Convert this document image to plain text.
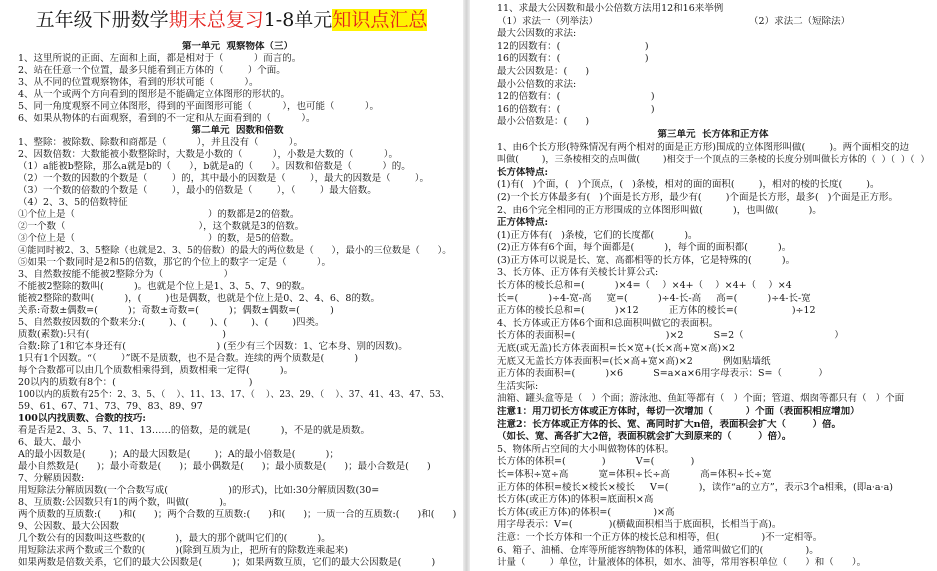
五年级下册数学期末总复习1-8单元知识点汇总
第一单元  观察物体（三）
1、这里所说的正面、左面和上面，都是相对于（          ）而言的。
2、站在任意一个位置，最多只能看到正方体的（        ）个面。
3、从不同的位置观察物体，看到的形状可能（          ）。
4、从一个或两个方向看到的图形是不能确定立体图形的形状的。
5、同一角度观察不同立体图形，得到的平面图形可能（          ），也可能（          ）。
6、如果从物体的右面观察，看到的不一定和从左面看到的（          ）。
第二单元  因数和倍数
1、整除：被除数、除数和商都是（          ），并且没有（          ）。
2、因数倍数：大数能被小数整除时，大数是小数的（          ），小数是大数的（          ）。
（1）a能被b整除，那么a就是b的（      ），b就是a的（      ）。因数和倍数是（          ）的。
（2）一个数的因数的个数是（        ）的，其中最小的因数是（        ），最大的因数是（        ）。
（3）一个数的倍数的个数是（        ），最小的倍数是（        ），（        ）最大倍数。
（4）2、3、5的倍数特征
①个位上是（                                            ）的数都是2的倍数。
②一个数（                                            ），这个数就是3的倍数。
③个位上是（                                            ）的数，是5的倍数。
④能同时被2、3、5整除（也就是2、3、5的倍数）的最大的两位数是（      ），最小的三位数是（      ）。
⑤如果一个数同时是2和5的倍数，那它的个位上的数字一定是（          ）。
3、自然数按能不能被2整除分为（                    ）
不能被2整除的数叫(          )。也就是个位上是1、3、5、7、9的数。
能被2整除的数叫(          )，(        )也是偶数，也就是个位上是0、2、4、6、8的数。
关系:奇数±偶数=(          )；奇数±奇数=(          )；偶数±偶数=(          )
5、自然数按因数的个数来分:(        )、(        )、(        )、(        )四类。
质数(素数):只有(                                            )
合数:除了1和它本身还有(                              ) (至少有三个因数：1、它本身、别的因数)。
1只有1个因数。“（        ）”既不是质数，也不是合数。连续的两个质数是(          )
每个合数都可以由几个质数相乘得到，质数相乘一定得(          )。
20以内的质数有8个：(                                            )
100以内的质数有25个：2、3、5、（    ）、11、13、17、（    ）、23、29、（    ）、37、41、43、47、53、
59、61、67、71、73、79、83、89、97
100以内找质数、合数的技巧:
看是否是2、3、5、7、11、13……的倍数，是的就是(          )，不是的就是质数。
6、最大、最小
A的最小因数是(        )；A的最大因数是(        )；A的最小倍数是(          )；
最小自然数是(      )；最小奇数是(      )；最小偶数是(      )；最小质数是(      )；最小合数是(      )
7、分解质因数:
用短除法分解质因数(一个合数写成(                    )的形式)，比如:30分解质因数(30=
8、互质数:公因数只有1的两个数，叫做(          )。
两个质数的互质数:(      )和(      )；两个合数的互质数:(      )和(      )；一质一合的互质数:(      )和(      )
9、公因数、最大公因数
几个数公有的因数叫这些数的(          )，最大的那个就叫它们的(          )。
用短除法求两个数或三个数的(          )(除到互质为止，把所有的除数连乘起来)
如果两数是倍数关系，它们的最大公因数是(          )；如果两数互质，它们的最大公因数是(          )
11、求最大公因数和最小公倍数方法用12和16来举例
（1）求法一（列举法）                                                  （2）求法二（短除法）
最大公因数的求法:
12的因数有：(                            )
16的因数有：(                            )
最大公因数是：(      )
最小公倍数的求法:
12的倍数有：(                              )
16的倍数有：(                              )
最小公倍数是：(      )
第三单元  长方体和正方体
1、由6个长方形(特殊情况有两个相对的面是正方形)围成的立体图形叫做(        )。两个面相交的边
叫做(        )，三条棱相交的点叫做(        )相交于一个顶点的三条棱的长度分别叫做长方体的（  ）（  ）（  ）
长方体特点:
(1)有(   )个面，(   )个顶点，(   )条棱，相对的面的面积(        )，相对的棱的长度(        )。
(2)一个长方体最多有(   )个面是长方形，最少有(        )个面是长方形，最多(   )个面是正方形。
2、由6个完全相同的正方形围成的立体图形叫做(          )，也叫做(          )。
正方体特点:
(1)正方体有(   )条棱，它们的长度都(          )。
(2)正方体有6个面，每个面都是(          )，每个面的面积都(          )。
(3)正方体可以说是长、宽、高都相等的长方体，它是特殊的(          )。
3、长方体、正方体有关棱长计算公式:
长方体的棱长总和=(          )×4=（    ）×4+（    ）×4+（    ）×4
长=(          )÷4-宽-高     宽=(          )÷4-长-高     高=(          )÷4-长-宽
正方体的棱长总和=(          )×12          正方体的棱长=(                  )÷12
4、长方体或正方体6个面和总面积叫做它的表面积。
长方体的表面积=(                              )×2          S=2（                              ）
无底(或无盖)长方体表面积=长×宽+(长×高+宽×高)×2
无底又无盖长方体表面积=(长×高+宽×高)×2          例如贴墙纸
正方体的表面积=(          )×6          S=a×a×6用字母表示：S=（            ）
生活实际:
油箱、罐头盒等是（   ）个面；游泳池、鱼缸等都有（   ）个面；管道、烟囱等都只有（   ）个面
注意1：用刀切长方体或正方体时，每切一次增加（          ）个面（表面积相应增加）
注意2：长方体或正方体的长、宽、高同时扩大n倍，表面积会扩大（        ）倍。
（如长、宽、高各扩大2倍，表面积就会扩大到原来的（        ）倍）。
5、物体所占空间的大小叫做物体的体积。
长方体的体积=(            )          V=(            )
长=体积÷宽÷高          宽=体积÷长÷高          高=体积÷长÷宽
正方体的体积=棱长×棱长×棱长     V=(          )，读作“a的立方”，表示3个a相乘，(即a·a·a)
长方体(或正方体)的体积=底面积×高
长方体(或正方体)的体积=(              )×高
用字母表示：V=(            )(横截面积相当于底面积，长相当于高)。
注意：一个长方体和一个正方体的棱长总和相等，但(              )不一定相等。
6、箱子、油桶、仓库等所能容纳物体的体积，通常叫做它们的(              )。
计量（        ）单位，计量液体的体积，如水、油等，常用容积单位（      ）和（      ）。
